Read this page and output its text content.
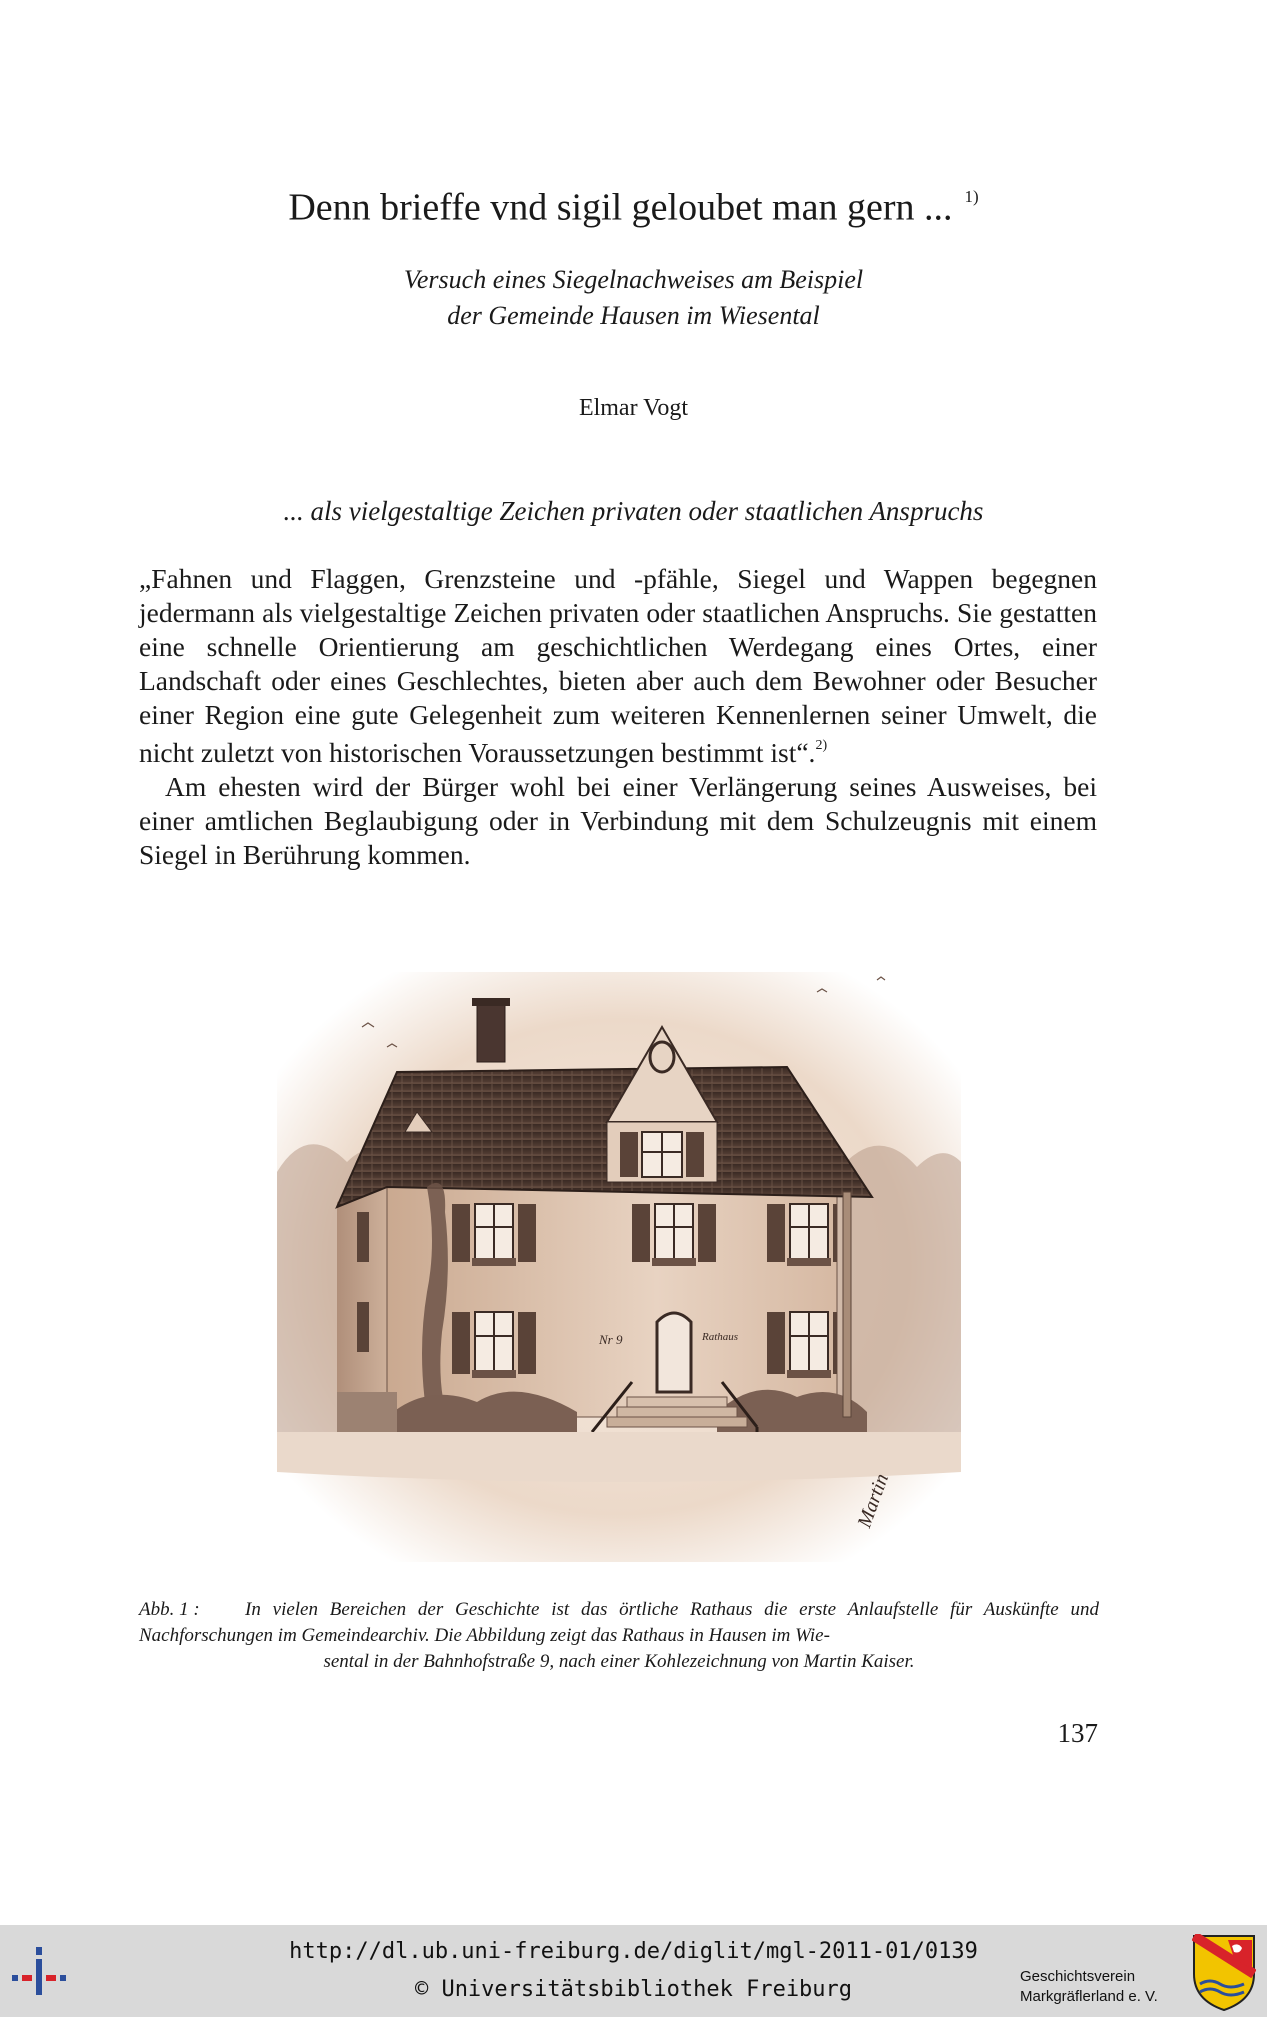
Denn brieffe vnd sigil geloubet man gern ... $^{1)}$
Versuch eines Siegelnachweises am Beispiel
der Gemeinde Hausen im Wiesental
Elmar Vogt
... als vielgestaltige Zeichen privaten oder staatlichen Anspruchs

„Fahnen und Flaggen, Grenzsteine und -pfähle, Siegel und Wappen begegnen jedermann als vielgestaltige Zeichen privaten oder staatlichen Anspruchs. Sie gestatten eine schnelle Orientierung am geschichtlichen Werdegang eines Ortes, einer Landschaft oder eines Geschlechtes, bieten aber auch dem Bewohner oder Besucher einer Region eine gute Gelegenheit zum weiteren Kennenlernen seiner Umwelt, die nicht zuletzt von historischen Voraussetzungen bestimmt ist“.$^{2)}$

Am ehesten wird der Bürger wohl bei einer Verlängerung seines Ausweises, bei einer amtlichen Beglaubigung oder in Verbindung mit dem Schulzeugnis mit einem Siegel in Berührung kommen.

Nr 9	Rathaus
Martin
Abb. 1 : In vielen Bereichen der Geschichte ist das örtliche Rathaus die erste Anlaufstelle für Auskünfte und Nachforschungen im Gemeindearchiv. Die Abbildung zeigt das Rathaus in Hausen im Wie-
sental in der Bahnhofstraße 9, nach einer Kohlezeichnung von Martin Kaiser.
137
http://dl.ub.uni-freiburg.de/diglit/mgl-2011-01/0139
© Universitätsbibliothek Freiburg
Geschichtsverein
Markgräflerland e. V.
